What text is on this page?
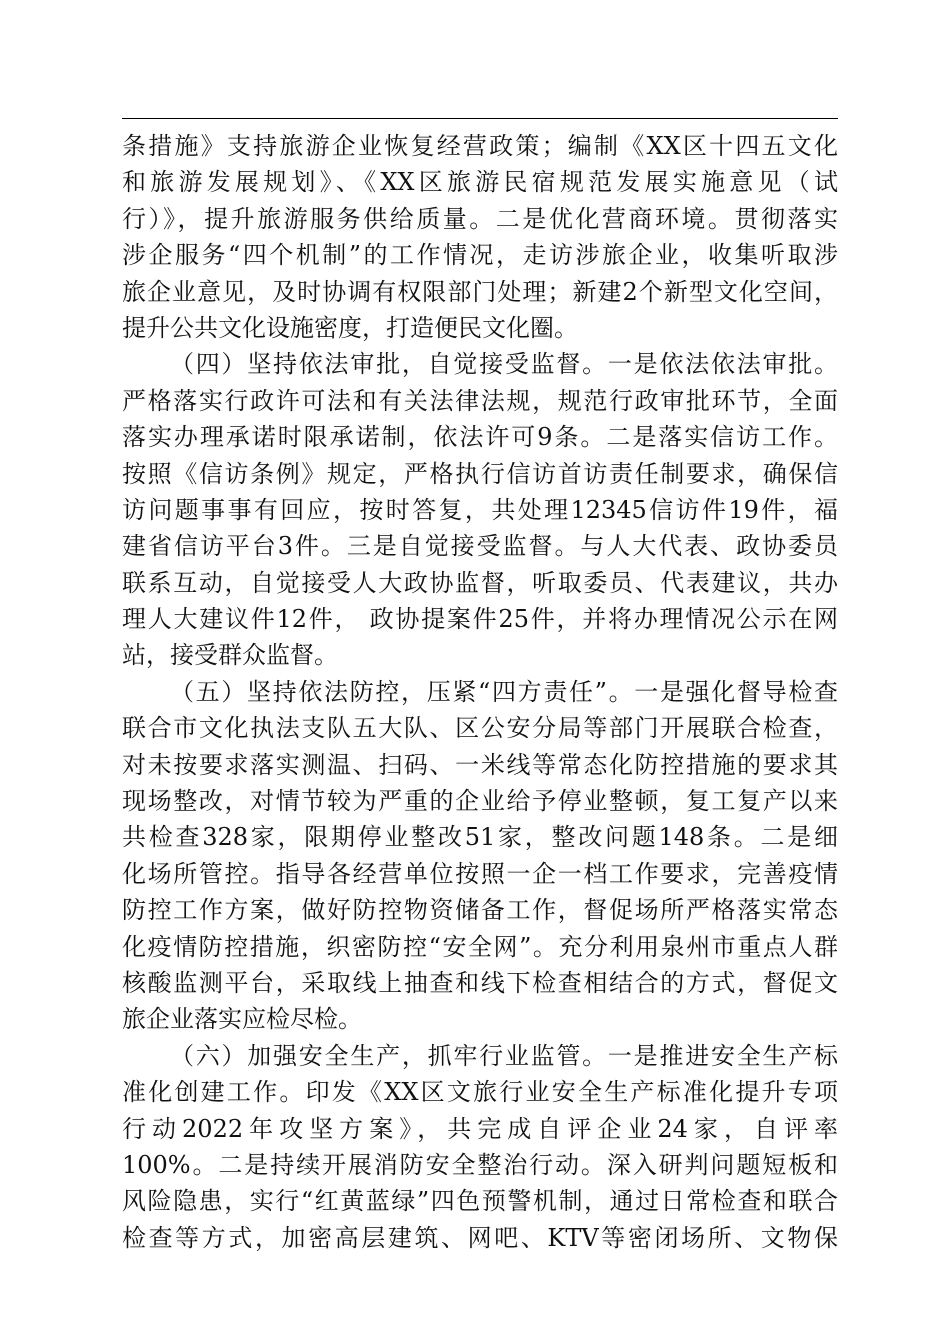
条措施》支持旅游企业恢复经营政策；编制《XX区十四五文化
和旅游发展规划》、《XX区旅游民宿规范发展实施意见（试
行）》，提升旅游服务供给质量。二是优化营商环境。贯彻落实
涉企服务“四个机制”的工作情况，走访涉旅企业，收集听取涉
旅企业意见，及时协调有权限部门处理；新建2个新型文化空间，
提升公共文化设施密度，打造便民文化圈。
（四）坚持依法审批，自觉接受监督。一是依法依法审批。
严格落实行政许可法和有关法律法规，规范行政审批环节，全面
落实办理承诺时限承诺制，依法许可9条。二是落实信访工作。
按照《信访条例》规定，严格执行信访首访责任制要求，确保信
访问题事事有回应，按时答复，共处理12345信访件19件，福
建省信访平台3件。三是自觉接受监督。与人大代表、政协委员
联系互动，自觉接受人大政协监督，听取委员、代表建议，共办
理人大建议件12件， 政协提案件25件，并将办理情况公示在网
站，接受群众监督。
（五）坚持依法防控，压紧“四方责任”。一是强化督导检查
联合市文化执法支队五大队、区公安分局等部门开展联合检查，
对未按要求落实测温、扫码、一米线等常态化防控措施的要求其
现场整改，对情节较为严重的企业给予停业整顿，复工复产以来
共检查328家，限期停业整改51家，整改问题148条。二是细
化场所管控。指导各经营单位按照一企一档工作要求，完善疫情
防控工作方案，做好防控物资储备工作，督促场所严格落实常态
化疫情防控措施，织密防控“安全网”。充分利用泉州市重点人群
核酸监测平台，采取线上抽查和线下检查相结合的方式，督促文
旅企业落实应检尽检。
（六）加强安全生产，抓牢行业监管。一是推进安全生产标
准化创建工作。印发《XX区文旅行业安全生产标准化提升专项
行动2022年攻坚方案》，共完成自评企业24家，自评率
100%。二是持续开展消防安全整治行动。深入研判问题短板和
风险隐患，实行“红黄蓝绿”四色预警机制，通过日常检查和联合
检查等方式，加密高层建筑、网吧、KTV等密闭场所、文物保
